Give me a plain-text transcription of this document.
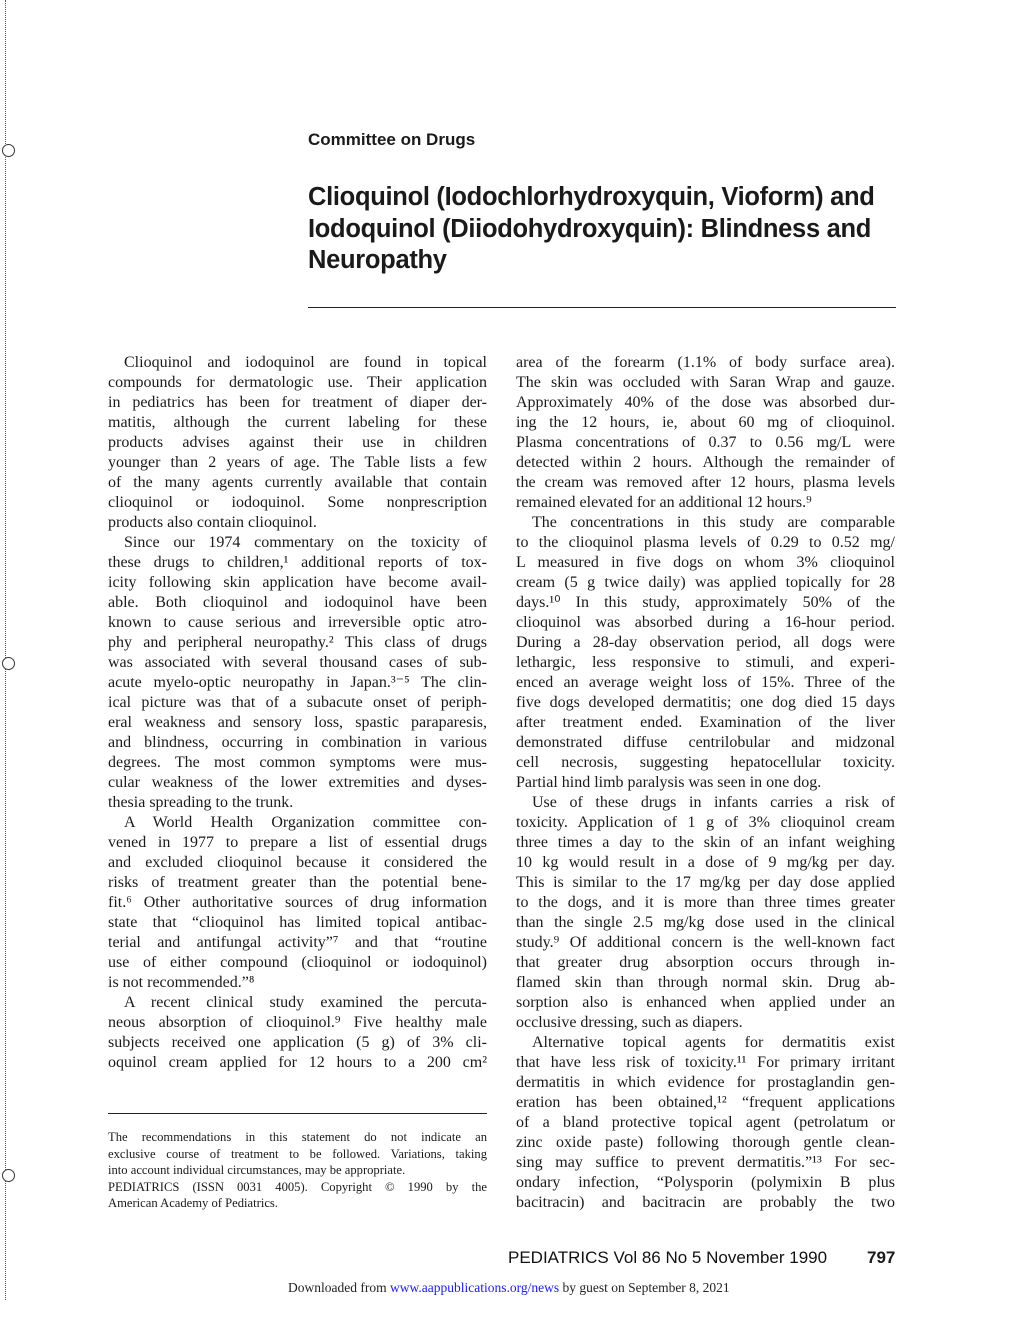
Committee on Drugs
Clioquinol (Iodochlorhydroxyquin, Vioform) and
Iodoquinol (Diiodohydroxyquin): Blindness and
Neuropathy
Clioquinol and iodoquinol are found in topical
compounds for dermatologic use. Their application
in pediatrics has been for treatment of diaper der-
matitis, although the current labeling for these
products advises against their use in children
younger than 2 years of age. The Table lists a few
of the many agents currently available that contain
clioquinol or iodoquinol. Some nonprescription
products also contain clioquinol.
Since our 1974 commentary on the toxicity of
these drugs to children,¹ additional reports of tox-
icity following skin application have become avail-
able. Both clioquinol and iodoquinol have been
known to cause serious and irreversible optic atro-
phy and peripheral neuropathy.² This class of drugs
was associated with several thousand cases of sub-
acute myelo-optic neuropathy in Japan.³⁻⁵ The clin-
ical picture was that of a subacute onset of periph-
eral weakness and sensory loss, spastic paraparesis,
and blindness, occurring in combination in various
degrees. The most common symptoms were mus-
cular weakness of the lower extremities and dyses-
thesia spreading to the trunk.
A World Health Organization committee con-
vened in 1977 to prepare a list of essential drugs
and excluded clioquinol because it considered the
risks of treatment greater than the potential bene-
fit.⁶ Other authoritative sources of drug information
state that “clioquinol has limited topical antibac-
terial and antifungal activity”⁷ and that “routine
use of either compound (clioquinol or iodoquinol)
is not recommended.”⁸
A recent clinical study examined the percuta-
neous absorption of clioquinol.⁹ Five healthy male
subjects received one application (5 g) of 3% cli-
oquinol cream applied for 12 hours to a 200 cm²
area of the forearm (1.1% of body surface area).
The skin was occluded with Saran Wrap and gauze.
Approximately 40% of the dose was absorbed dur-
ing the 12 hours, ie, about 60 mg of clioquinol.
Plasma concentrations of 0.37 to 0.56 mg/L were
detected within 2 hours. Although the remainder of
the cream was removed after 12 hours, plasma levels
remained elevated for an additional 12 hours.⁹
The concentrations in this study are comparable
to the clioquinol plasma levels of 0.29 to 0.52 mg/
L measured in five dogs on whom 3% clioquinol
cream (5 g twice daily) was applied topically for 28
days.¹⁰ In this study, approximately 50% of the
clioquinol was absorbed during a 16-hour period.
During a 28-day observation period, all dogs were
lethargic, less responsive to stimuli, and experi-
enced an average weight loss of 15%. Three of the
five dogs developed dermatitis; one dog died 15 days
after treatment ended. Examination of the liver
demonstrated diffuse centrilobular and midzonal
cell necrosis, suggesting hepatocellular toxicity.
Partial hind limb paralysis was seen in one dog.
Use of these drugs in infants carries a risk of
toxicity. Application of 1 g of 3% clioquinol cream
three times a day to the skin of an infant weighing
10 kg would result in a dose of 9 mg/kg per day.
This is similar to the 17 mg/kg per day dose applied
to the dogs, and it is more than three times greater
than the single 2.5 mg/kg dose used in the clinical
study.⁹ Of additional concern is the well-known fact
that greater drug absorption occurs through in-
flamed skin than through normal skin. Drug ab-
sorption also is enhanced when applied under an
occlusive dressing, such as diapers.
Alternative topical agents for dermatitis exist
that have less risk of toxicity.¹¹ For primary irritant
dermatitis in which evidence for prostaglandin gen-
eration has been obtained,¹² “frequent applications
of a bland protective topical agent (petrolatum or
zinc oxide paste) following thorough gentle clean-
sing may suffice to prevent dermatitis.”¹³ For sec-
ondary infection, “Polysporin (polymixin B plus
bacitracin) and bacitracin are probably the two
The recommendations in this statement do not indicate an
exclusive course of treatment to be followed. Variations, taking
into account individual circumstances, may be appropriate.
PEDIATRICS (ISSN 0031 4005). Copyright © 1990 by the
American Academy of Pediatrics.
PEDIATRICS Vol 86 No 5 November 1990 797
Downloaded from www.aappublications.org/news by guest on September 8, 2021
